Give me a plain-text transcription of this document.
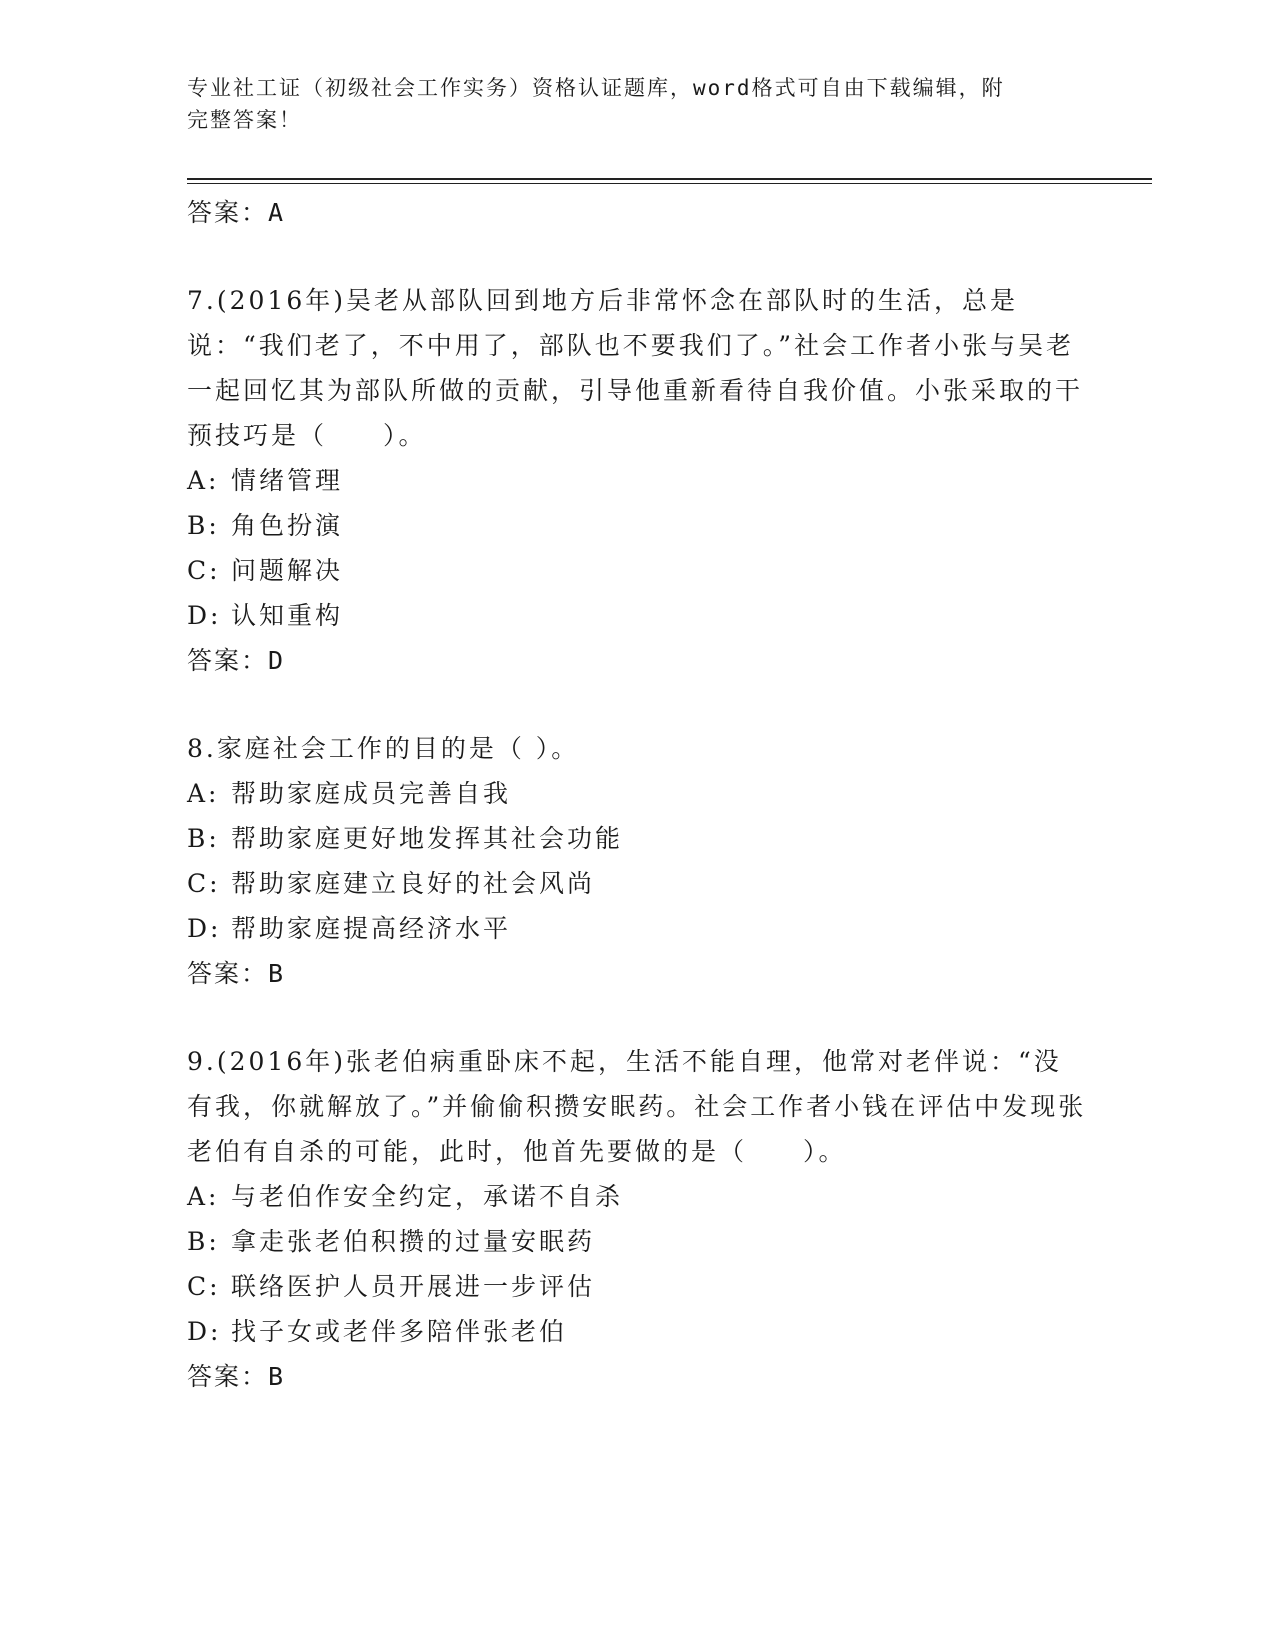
专业社工证（初级社会工作实务）资格认证题库，word格式可自由下载编辑，附
完整答案！
答案：A
7.(2016年)吴老从部队回到地方后非常怀念在部队时的生活，总是说：“我们老了，不中用了，部队也不要我们了。”社会工作者小张与吴老一起回忆其为部队所做的贡献，引导他重新看待自我价值。小张采取的干预技巧是（　　）。
A: 情绪管理
B: 角色扮演
C: 问题解决
D: 认知重构
答案：D
8.家庭社会工作的目的是（ ）。
A: 帮助家庭成员完善自我
B: 帮助家庭更好地发挥其社会功能
C: 帮助家庭建立良好的社会风尚
D: 帮助家庭提高经济水平
答案：B
9.(2016年)张老伯病重卧床不起，生活不能自理，他常对老伴说：“没有我，你就解放了。”并偷偷积攒安眠药。社会工作者小钱在评估中发现张老伯有自杀的可能，此时，他首先要做的是（　　）。
A: 与老伯作安全约定，承诺不自杀
B: 拿走张老伯积攒的过量安眠药
C: 联络医护人员开展进一步评估
D: 找子女或老伴多陪伴张老伯
答案：B
